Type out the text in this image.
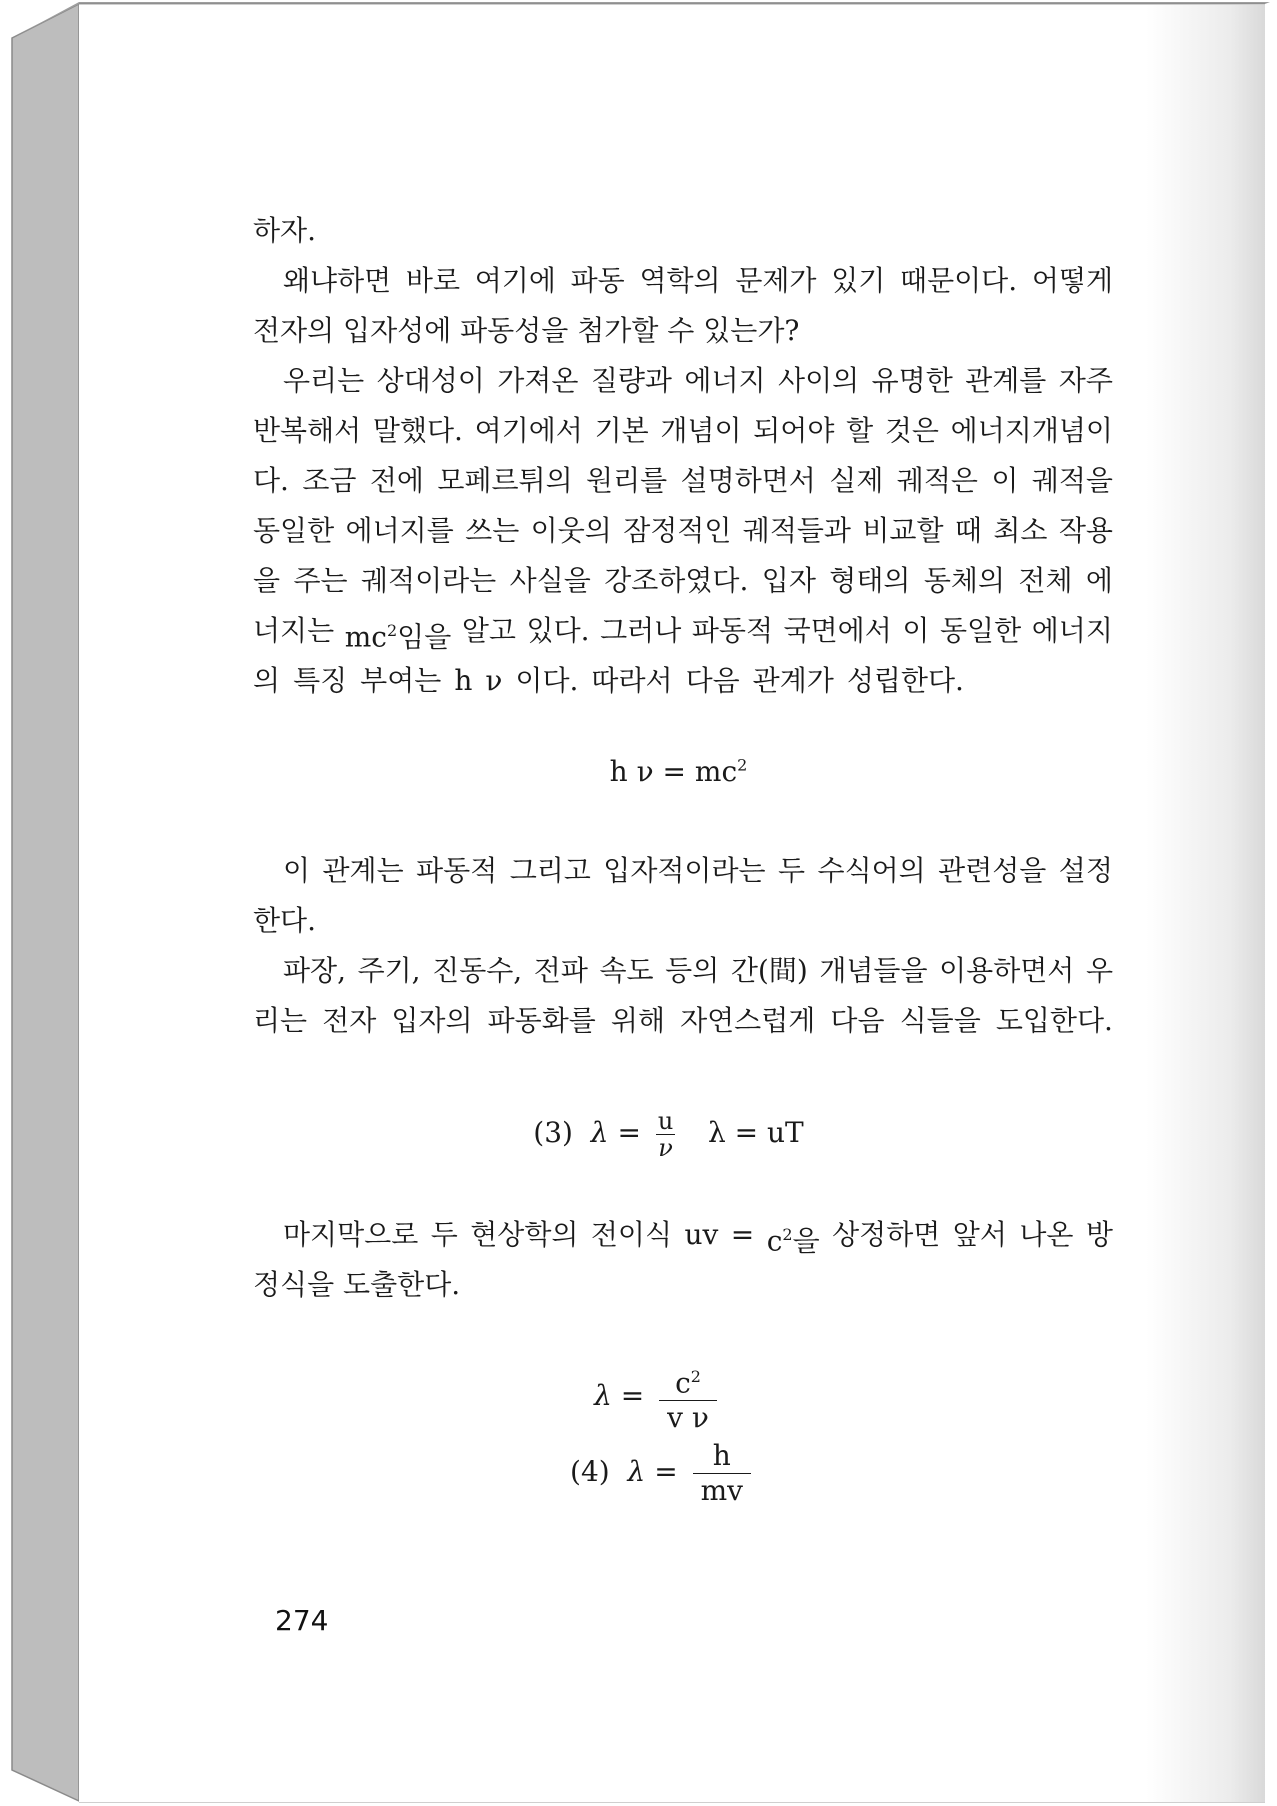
하자.
왜냐하면 바로 여기에 파동 역학의 문제가 있기 때문이다. 어떻게
전자의 입자성에 파동성을 첨가할 수 있는가?
우리는 상대성이 가져온 질량과 에너지 사이의 유명한 관계를 자주
반복해서 말했다. 여기에서 기본 개념이 되어야 할 것은 에너지개념이
다. 조금 전에 모페르튀의 원리를 설명하면서 실제 궤적은 이 궤적을
동일한 에너지를 쓰는 이웃의 잠정적인 궤적들과 비교할 때 최소 작용
을 주는 궤적이라는 사실을 강조하였다. 입자 형태의 동체의 전체 에
너지는 $mc^2$임을 알고 있다. 그러나 파동적 국면에서 이 동일한 에너지
의 특징 부여는 h ν 이다. 따라서 다음 관계가 성립한다.
h $\nu = mc^2$
이 관계는 파동적 그리고 입자적이라는 두 수식어의 관련성을 설정
한다.
파장, 주기, 진동수, 전파 속도 등의 간(間) 개념들을 이용하면서 우
리는 전자 입자의 파동화를 위해 자연스럽게 다음 식들을 도입한다.
(3) $\lambda = \frac{u}{\nu}$ λ = uT
마지막으로 두 현상학의 전이식 uv = $c^2$을 상정하면 앞서 나온 방
정식을 도출한다.
$\lambda = \frac{c^2}{\text{v ν}}$
(4) $\lambda = \frac{h}{mv}$
274
